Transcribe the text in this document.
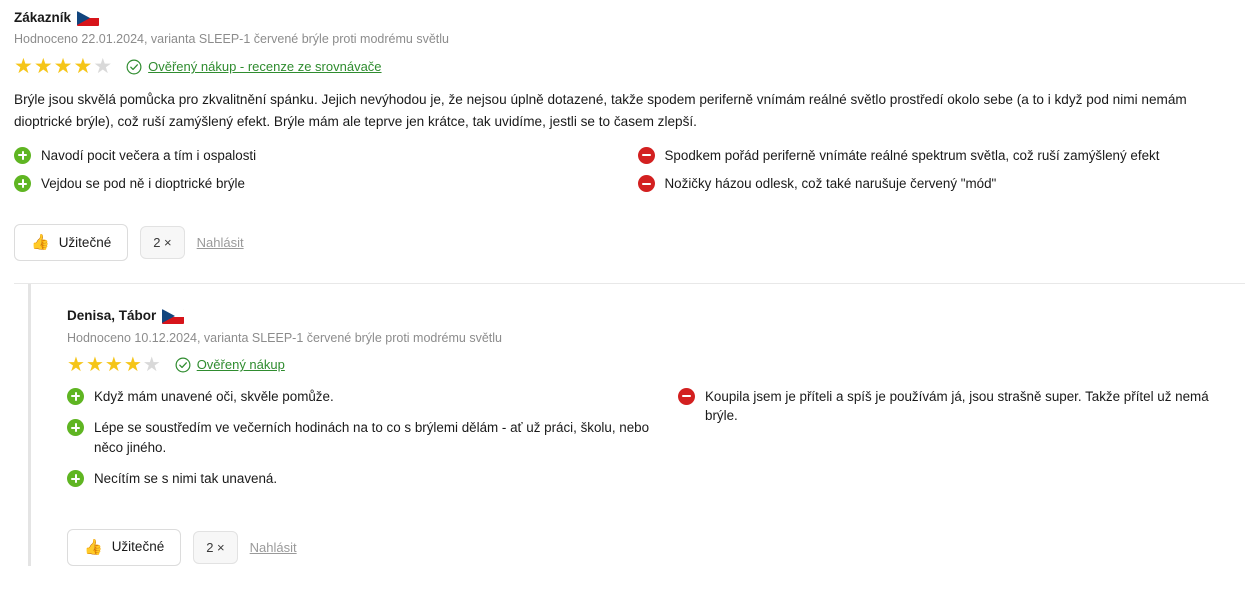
Zákazník
Hodnoceno 22.01.2024, varianta SLEEP-1 červené brýle proti modrému světlu
★ ★ ★ ★ ★	Ověřený nákup - recenze ze srovnávače
Brýle jsou skvělá pomůcka pro zkvalitnění spánku. Jejich nevýhodou je, že nejsou úplně dotazené, takže spodem periferně vnímám reálné světlo prostředí okolo sebe (a to i když pod nimi nemám dioptrické brýle), což ruší zamýšlený efekt. Brýle mám ale teprve jen krátce, tak uvidíme, jestli se to časem zlepší.
Navodí pocit večera a tím i ospalosti
Vejdou se pod ně i dioptrické brýle
Spodkem pořád periferně vnímáte reálné spektrum světla, což ruší zamýšlený efekt
Nožičky házou odlesk, což také narušuje červený "mód"
👍 Užitečné	2 ×	Nahlásit
Denisa, Tábor
Hodnoceno 10.12.2024, varianta SLEEP-1 červené brýle proti modrému světlu
★ ★ ★ ★ ★	Ověřený nákup
Když mám unavené oči, skvěle pomůže.
Lépe se soustředím ve večerních hodinách na to co s brýlemi dělám - ať už práci, školu, nebo něco jiného.
Necítím se s nimi tak unavená.
Koupila jsem je příteli a spíš je používám já, jsou strašně super. Takže přítel už nemá brýle.
👍 Užitečné	2 ×	Nahlásit
